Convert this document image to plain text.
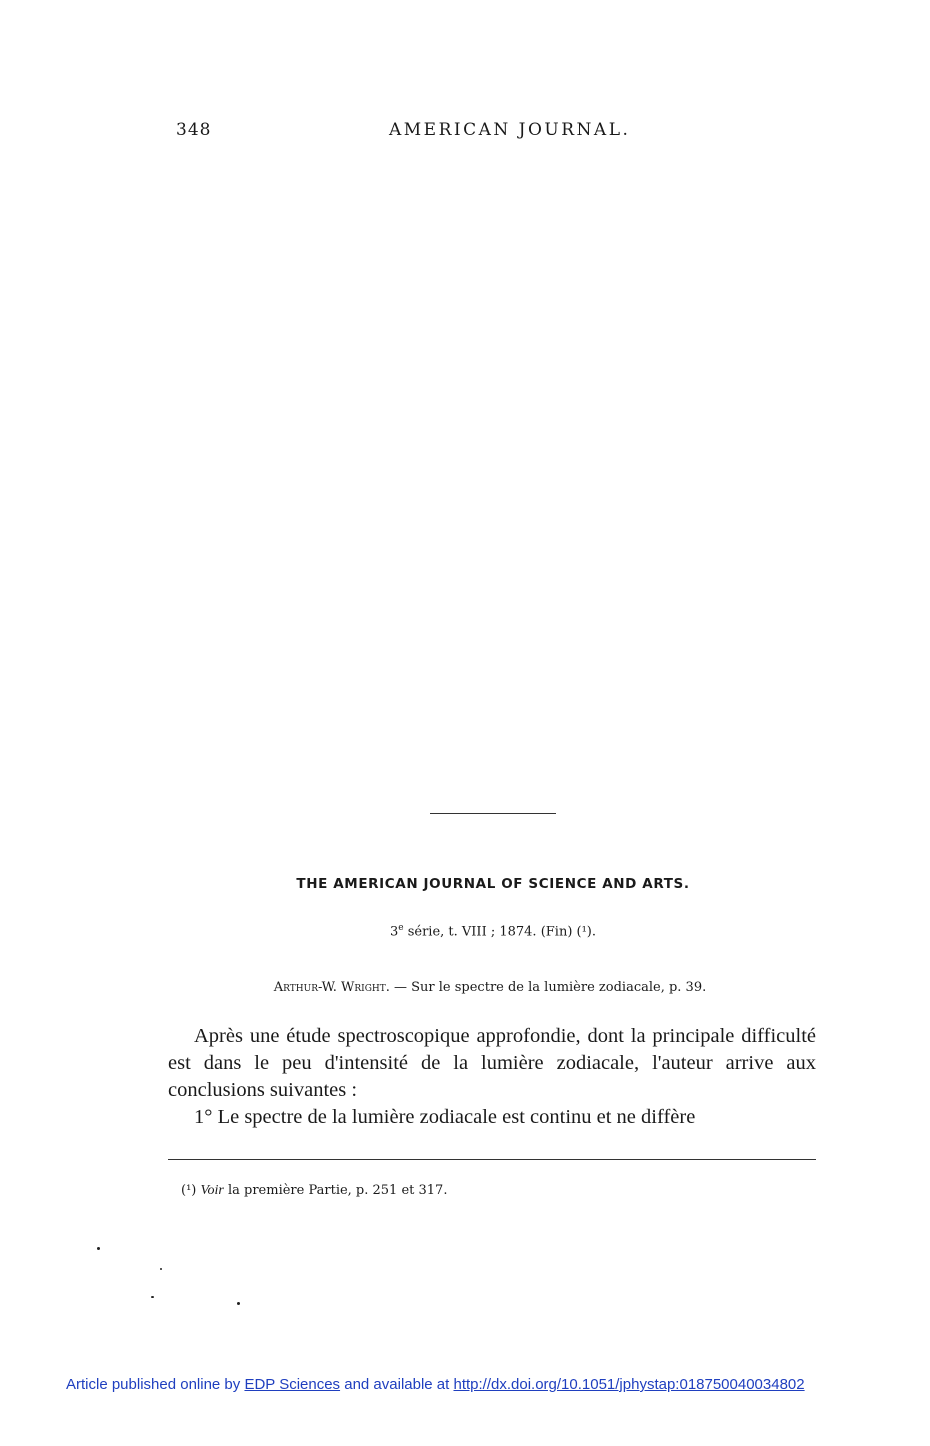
348	AMERICAN JOURNAL.
THE AMERICAN JOURNAL OF SCIENCE AND ARTS.
3e série, t. VIII ; 1874. (Fin) (¹).
Arthur-W. Wright. — Sur le spectre de la lumière zodiacale, p. 39.

Après une étude spectroscopique approfondie, dont la principale difficulté est dans le peu d'intensité de la lumière zodiacale, l'auteur arrive aux conclusions suivantes :

1° Le spectre de la lumière zodiacale est continu et ne diffère

(¹) Voir la première Partie, p. 251 et 317.
Article published online by EDP Sciences and available at http://dx.doi.org/10.1051/jphystap:018750040034802
